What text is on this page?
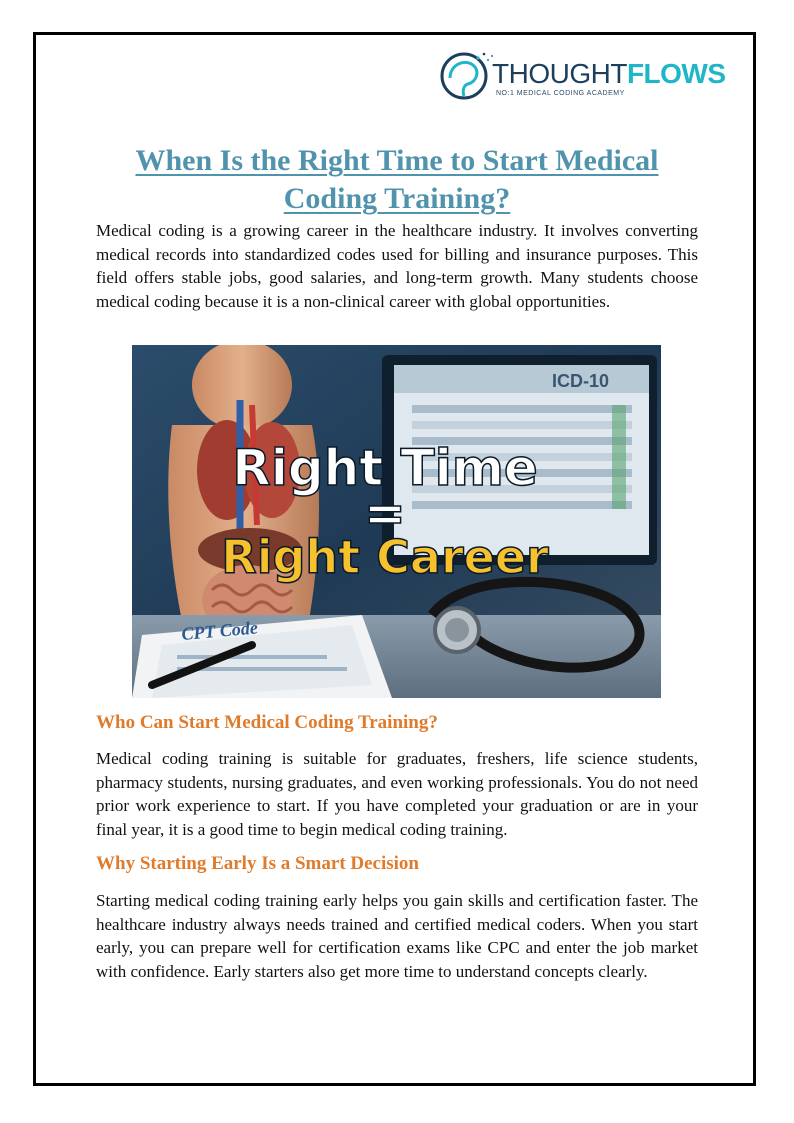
THOUGHTFLOWS
NO:1 MEDICAL CODING ACADEMY
When Is the Right Time to Start Medical Coding Training?

Medical coding is a growing career in the healthcare industry. It involves converting medical records into standardized codes used for billing and insurance purposes. This field offers stable jobs, good salaries, and long-term growth. Many students choose medical coding because it is a non-clinical career with global opportunities.

ICD-10
CPT Code
Right Time
=
Right Career
Who Can Start Medical Coding Training?

Medical coding training is suitable for graduates, freshers, life science students, pharmacy students, nursing graduates, and even working professionals. You do not need prior work experience to start. If you have completed your graduation or are in your final year, it is a good time to begin medical coding training.

Why Starting Early Is a Smart Decision

Starting medical coding training early helps you gain skills and certification faster. The healthcare industry always needs trained and certified medical coders. When you start early, you can prepare well for certification exams like CPC and enter the job market with confidence. Early starters also get more time to understand concepts clearly.
